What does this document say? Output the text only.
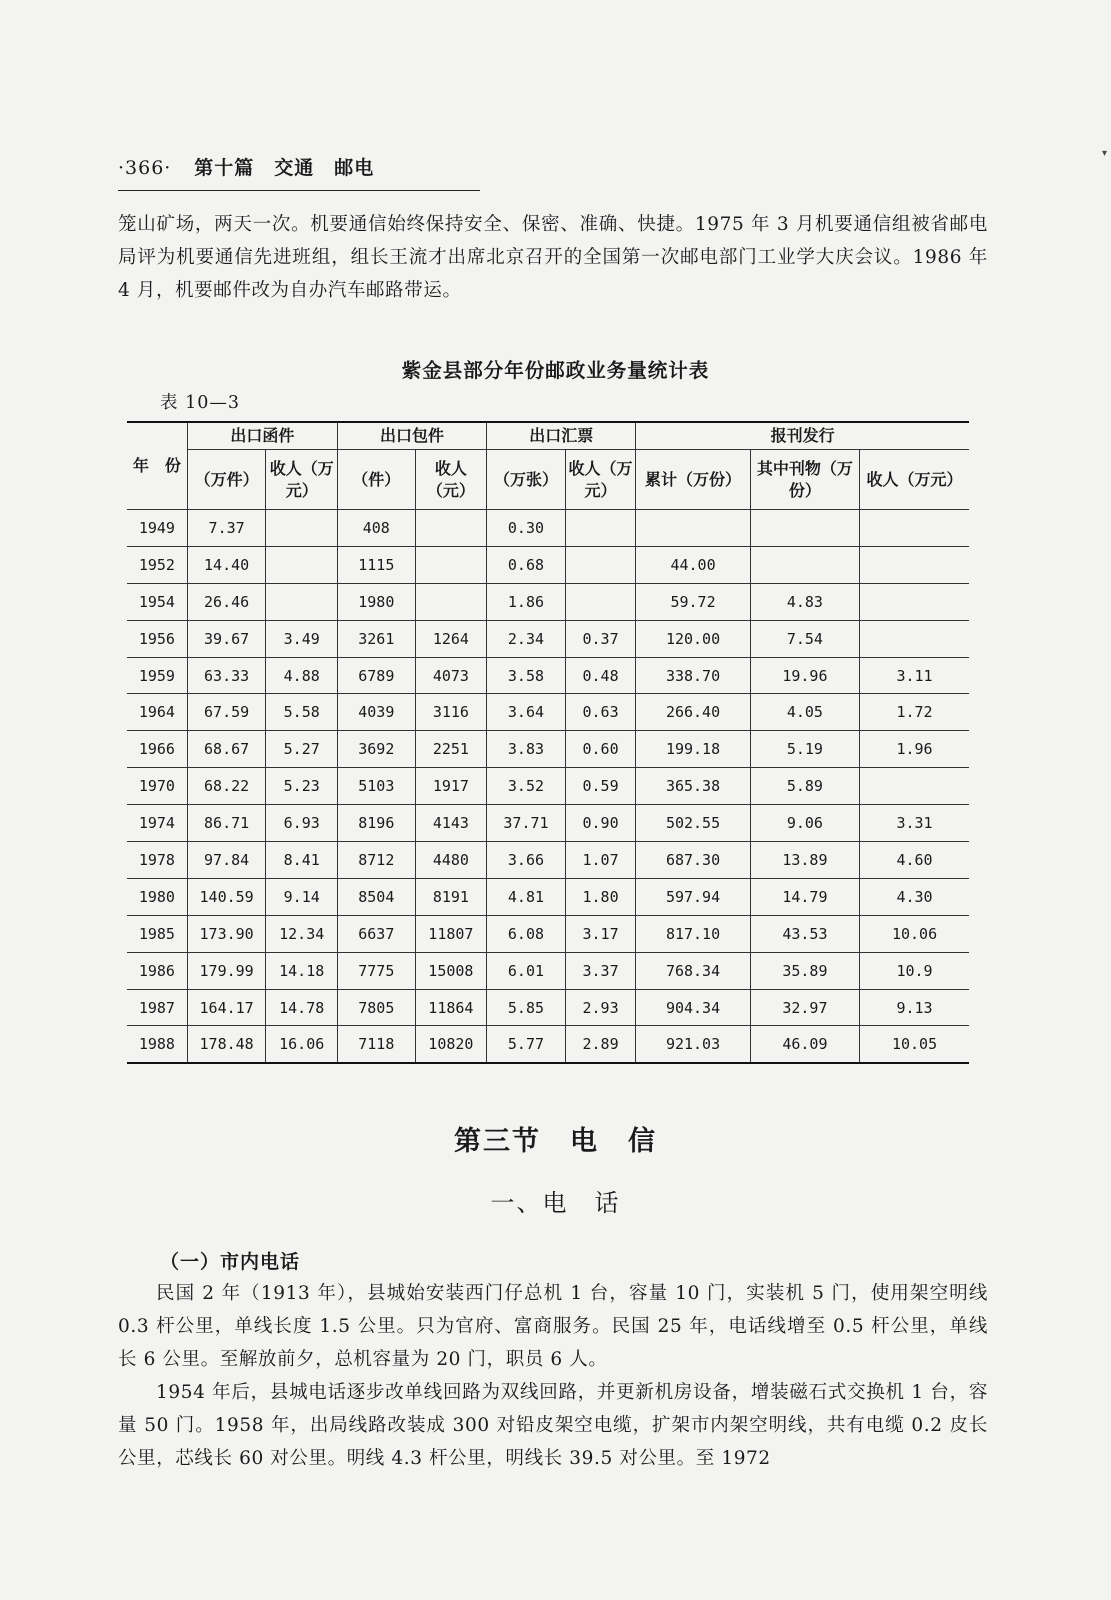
·366· 第十篇　交通　邮电
笼山矿场，两天一次。机要通信始终保持安全、保密、准确、快捷。1975 年 3 月机要通信组被省邮电局评为机要通信先进班组，组长王流才出席北京召开的全国第一次邮电部门工业学大庆会议。1986 年 4 月，机要邮件改为自办汽车邮路带运。
紫金县部分年份邮政业务量统计表
表 10—3
年　份	出口函件		出口包件		出口汇票		报刊发行		
	（万件）	收人（万元）	（件）	收人（元）	（万张）	收人（万元）	累计（万份）	其中刊物（万份）	收人（万元）
1949	7.37		408		0.30				
1952	14.40		1115		0.68		44.00		
1954	26.46		1980		1.86		59.72	4.83	
1956	39.67	3.49	3261	1264	2.34	0.37	120.00	7.54	
1959	63.33	4.88	6789	4073	3.58	0.48	338.70	19.96	3.11
1964	67.59	5.58	4039	3116	3.64	0.63	266.40	4.05	1.72
1966	68.67	5.27	3692	2251	3.83	0.60	199.18	5.19	1.96
1970	68.22	5.23	5103	1917	3.52	0.59	365.38	5.89	
1974	86.71	6.93	8196	4143	37.71	0.90	502.55	9.06	3.31
1978	97.84	8.41	8712	4480	3.66	1.07	687.30	13.89	4.60
1980	140.59	9.14	8504	8191	4.81	1.80	597.94	14.79	4.30
1985	173.90	12.34	6637	11807	6.08	3.17	817.10	43.53	10.06
1986	179.99	14.18	7775	15008	6.01	3.37	768.34	35.89	10.9
1987	164.17	14.78	7805	11864	5.85	2.93	904.34	32.97	9.13
1988	178.48	16.06	7118	10820	5.77	2.89	921.03	46.09	10.05
第三节　电　信
一、电　话
（一）市内电话
民国 2 年（1913 年），县城始安装西门仔总机 1 台，容量 10 门，实装机 5 门，使用架空明线 0.3 杆公里，单线长度 1.5 公里。只为官府、富商服务。民国 25 年，电话线增至 0.5 杆公里，单线长 6 公里。至解放前夕，总机容量为 20 门，职员 6 人。
1954 年后，县城电话逐步改单线回路为双线回路，并更新机房设备，增装磁石式交换机 1 台，容量 50 门。1958 年，出局线路改装成 300 对铅皮架空电缆，扩架市内架空明线，共有电缆 0.2 皮长公里，芯线长 60 对公里。明线 4.3 杆公里，明线长 39.5 对公里。至 1972
▾
